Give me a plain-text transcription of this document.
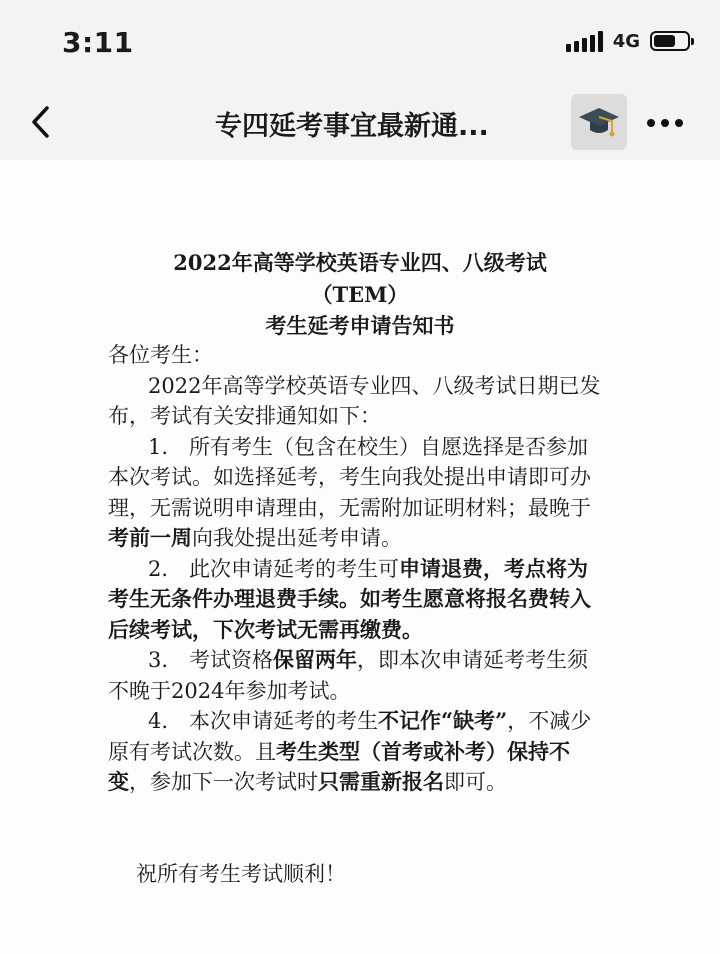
3:11	4G
专四延考事宜最新通...
2022年高等学校英语专业四、八级考试
（TEM）
考生延考申请告知书

各位考生：

2022年高等学校英语专业四、八级考试日期已发布，考试有关安排通知如下：

1.　所有考生（包含在校生）自愿选择是否参加本次考试。如选择延考，考生向我处提出申请即可办理，无需说明申请理由，无需附加证明材料；最晚于考前一周向我处提出延考申请。

2.　此次申请延考的考生可申请退费，考点将为考生无条件办理退费手续。如考生愿意将报名费转入后续考试，下次考试无需再缴费。

3.　考试资格保留两年，即本次申请延考考生须不晚于2024年参加考试。

4.　本次申请延考的考生不记作“缺考”，不减少原有考试次数。且考生类型（首考或补考）保持不变，参加下一次考试时只需重新报名即可。

祝所有考生考试顺利！
